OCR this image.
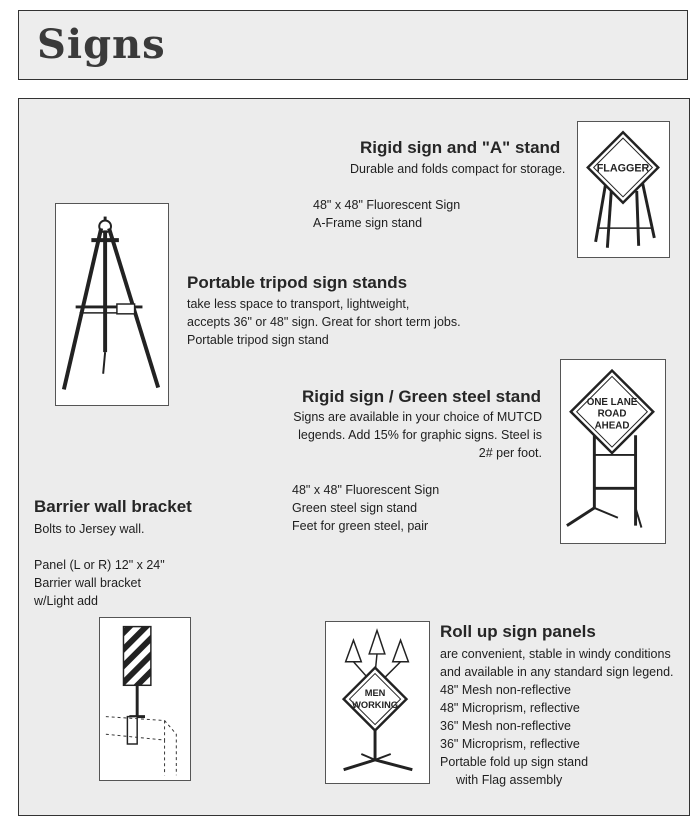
Signs
Rigid sign and "A" stand
Durable and folds compact for storage.
48" x 48" Fluorescent Sign
A-Frame sign stand
FLAGGER
Portable tripod sign stands
take less space to transport, lightweight,
accepts 36" or 48" sign. Great for short term jobs.
Portable tripod sign stand
Rigid sign / Green steel stand
Signs are available in your choice of MUTCD
legends. Add 15% for graphic signs. Steel is
2# per foot.
48" x 48" Fluorescent Sign
Green steel sign stand
Feet for green steel, pair
ONE LANE
ROAD
AHEAD
Barrier wall bracket
Bolts to Jersey wall.
Panel (L or R) 12" x 24"
Barrier wall bracket
w/Light add
MEN
WORKING
Roll up sign panels
are convenient, stable in windy conditions
and available in any standard sign legend.
48" Mesh non-reflective
48" Microprism, reflective
36" Mesh non-reflective
36" Microprism, reflective
Portable fold up sign stand
with Flag assembly
